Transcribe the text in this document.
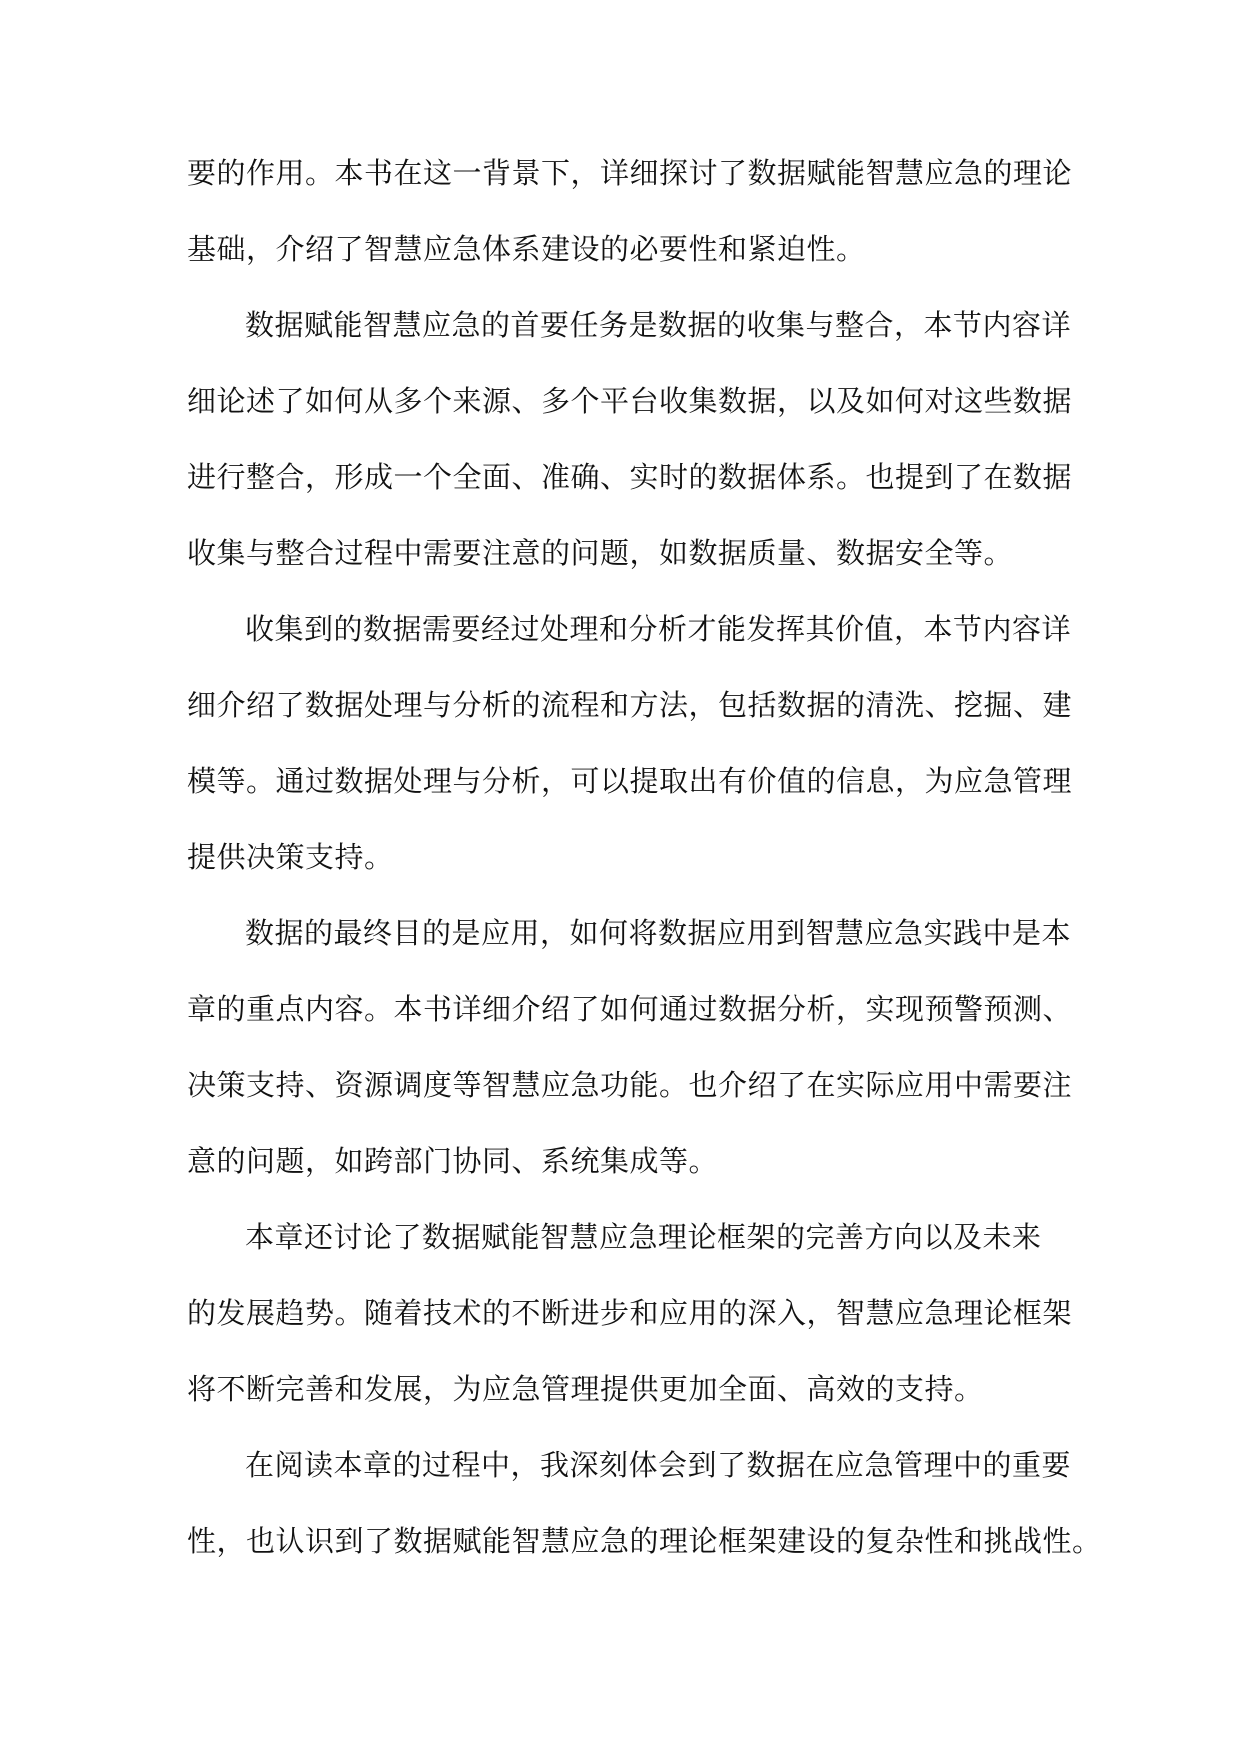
要的作用。本书在这一背景下，详细探讨了数据赋能智慧应急的理论
基础，介绍了智慧应急体系建设的必要性和紧迫性。
数据赋能智慧应急的首要任务是数据的收集与整合，本节内容详
细论述了如何从多个来源、多个平台收集数据，以及如何对这些数据
进行整合，形成一个全面、准确、实时的数据体系。也提到了在数据
收集与整合过程中需要注意的问题，如数据质量、数据安全等。
收集到的数据需要经过处理和分析才能发挥其价值，本节内容详
细介绍了数据处理与分析的流程和方法，包括数据的清洗、挖掘、建
模等。通过数据处理与分析，可以提取出有价值的信息，为应急管理
提供决策支持。
数据的最终目的是应用，如何将数据应用到智慧应急实践中是本
章的重点内容。本书详细介绍了如何通过数据分析，实现预警预测、
决策支持、资源调度等智慧应急功能。也介绍了在实际应用中需要注
意的问题，如跨部门协同、系统集成等。
本章还讨论了数据赋能智慧应急理论框架的完善方向以及未来
的发展趋势。随着技术的不断进步和应用的深入，智慧应急理论框架
将不断完善和发展，为应急管理提供更加全面、高效的支持。
在阅读本章的过程中，我深刻体会到了数据在应急管理中的重要
性，也认识到了数据赋能智慧应急的理论框架建设的复杂性和挑战性。
